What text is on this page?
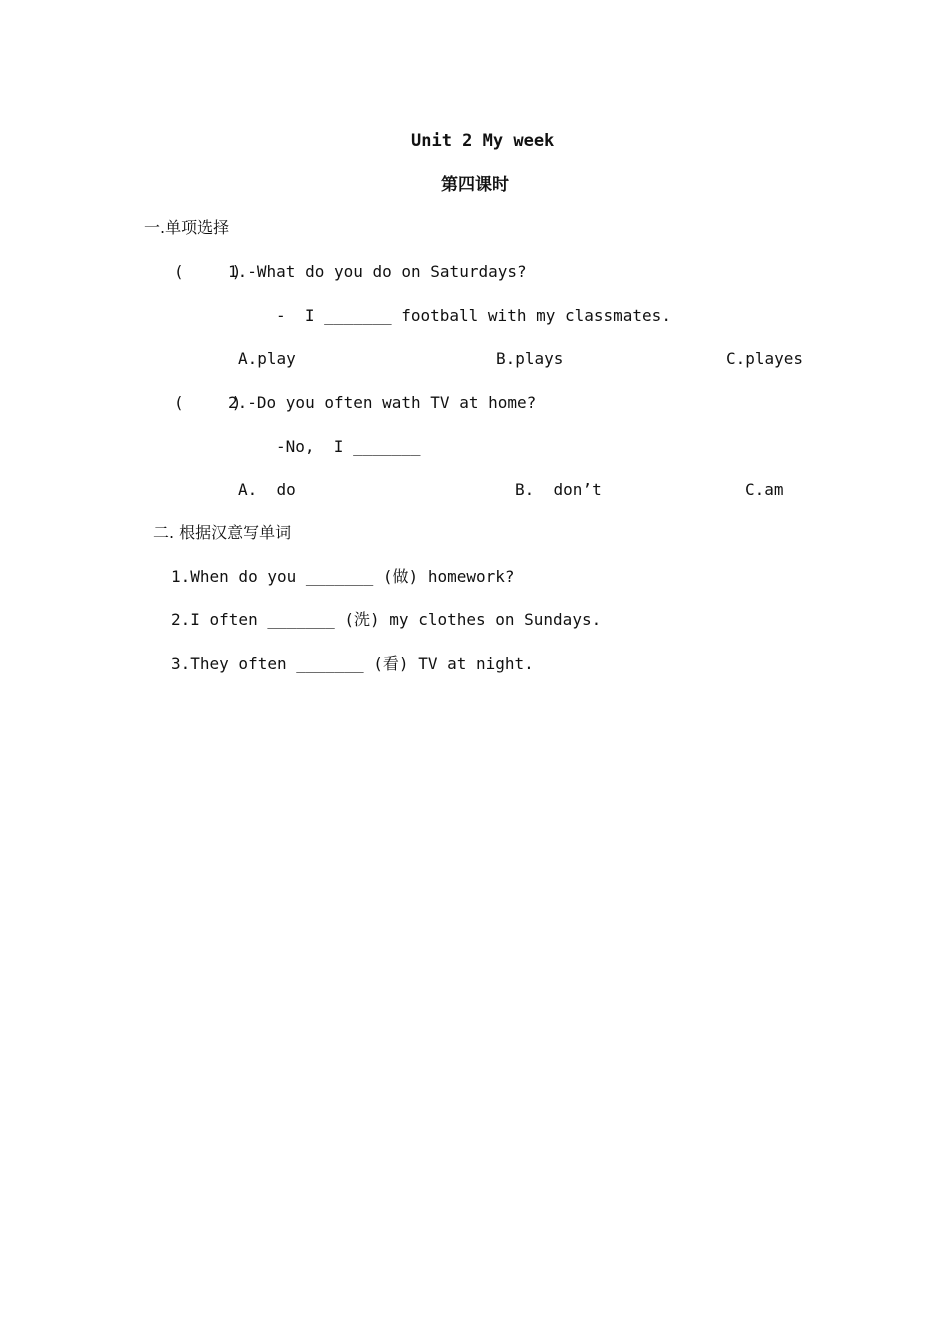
Unit 2 My week
第四课时
一.单项选择
(     )
1.-What do you do on Saturdays?
-  I _______ football with my classmates.
A.play	B.plays	C.playes
(     )
2.-Do you often wath TV at home?
-No,  I _______
A.  do	B.  don’t	C.am
二. 根据汉意写单词
1.When do you _______ (做) homework?
2.I often _______ (洗) my clothes on Sundays.
3.They often _______ (看) TV at night.
